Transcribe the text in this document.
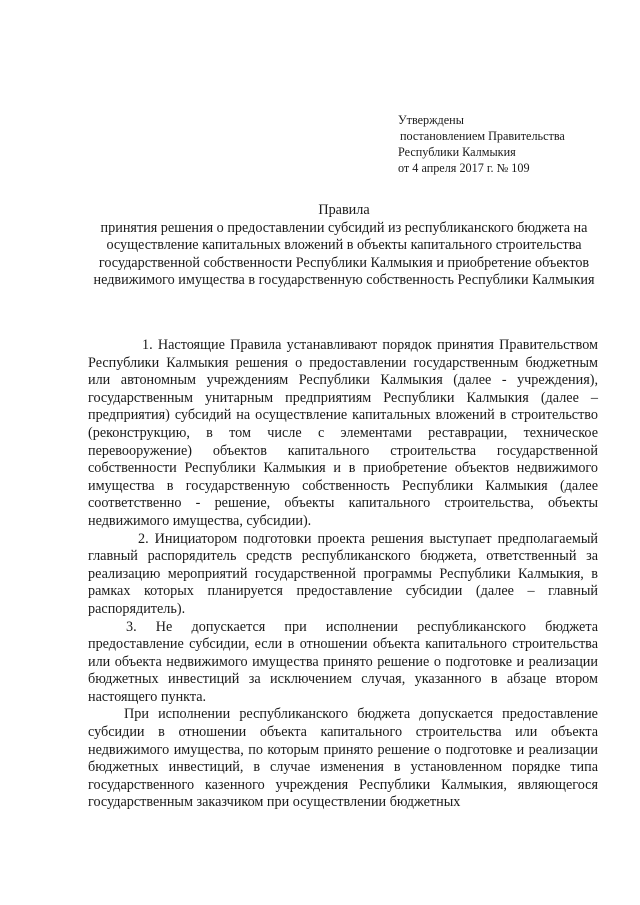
Утверждены
постановлением Правительства
Республики Калмыкия
от 4 апреля 2017 г. № 109
Правила
принятия решения о предоставлении субсидий из республиканского бюджета на осуществление капитальных вложений в объекты капитального строительства государственной собственности Республики Калмыкия и приобретение объектов недвижимого имущества в государственную собственность Республики Калмыкия

1. Настоящие Правила устанавливают порядок принятия Правительством Республики Калмыкия решения о предоставлении государственным бюджетным или автономным учреждениям Республики Калмыкия (далее - учреждения), государственным унитарным предприятиям Республики Калмыкия (далее – предприятия) субсидий на осуществление капитальных вложений в строительство (реконструкцию, в том числе с элементами реставрации, техническое перевооружение) объектов капитального строительства государственной собственности Республики Калмыкия и в приобретение объектов недвижимого имущества в государственную собственность Республики Калмыкия (далее соответственно - решение, объекты капитального строительства, объекты недвижимого имущества, субсидии).

2. Инициатором подготовки проекта решения выступает предполагаемый главный распорядитель средств республиканского бюджета, ответственный за реализацию мероприятий государственной программы Республики Калмыкия, в рамках которых планируется предоставление субсидии (далее – главный распорядитель).

3. Не допускается при исполнении республиканского бюджета предоставление субсидии, если в отношении объекта капитального строительства или объекта недвижимого имущества принято решение о подготовке и реализации бюджетных инвестиций за исключением случая, указанного в абзаце втором настоящего пункта.

При исполнении республиканского бюджета допускается предоставление субсидии в отношении объекта капитального строительства или объекта недвижимого имущества, по которым принято решение о подготовке и реализации бюджетных инвестиций, в случае изменения в установленном порядке типа государственного казенного учреждения Республики Калмыкия, являющегося государственным заказчиком при осуществлении бюджетных
